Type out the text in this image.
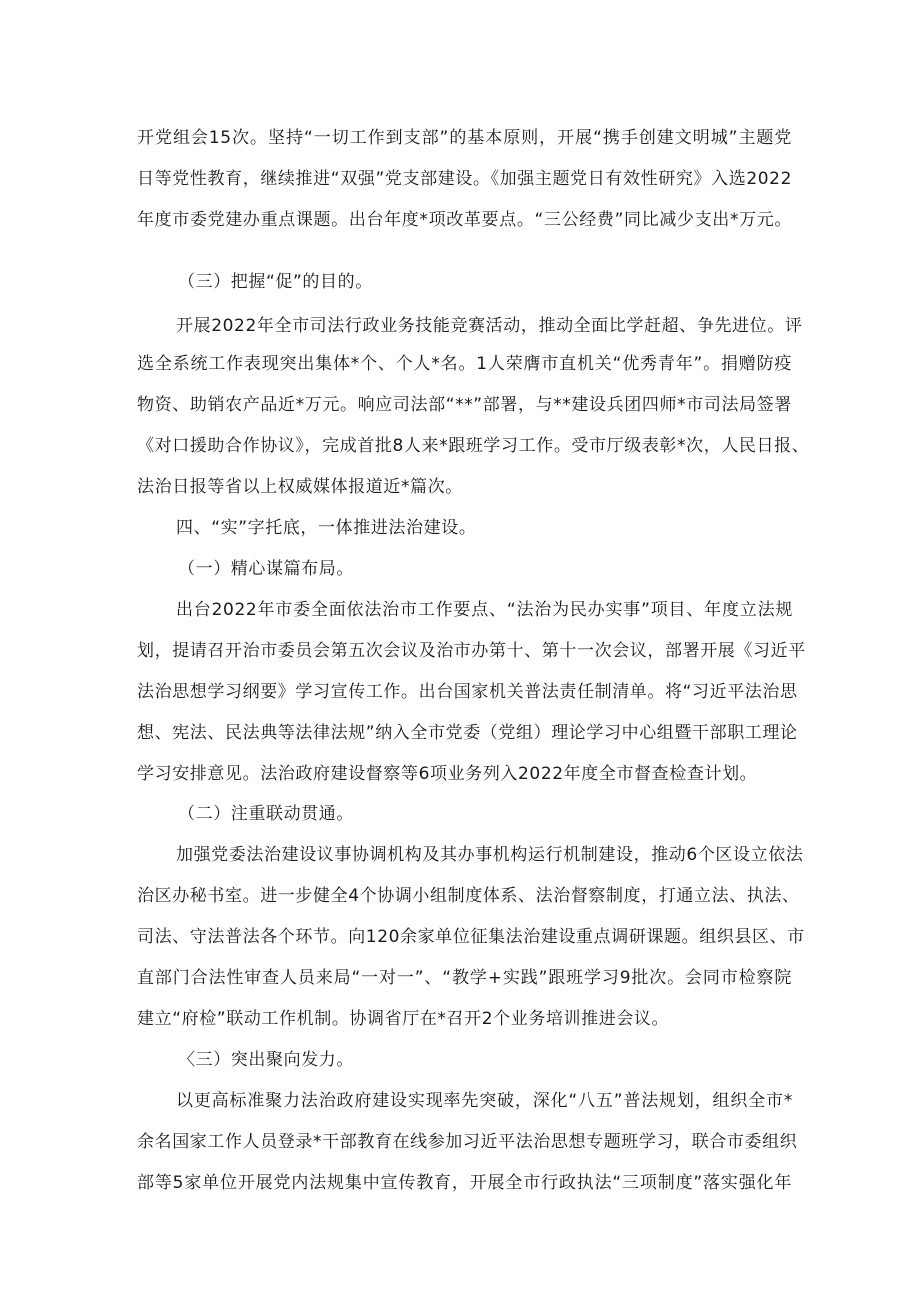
开党组会15次。坚持“一切工作到支部”的基本原则，开展“携手创建文明城”主题党
日等党性教育，继续推进“双强”党支部建设。《加强主题党日有效性研究》入选2022
年度市委党建办重点课题。出台年度*项改革要点。“三公经费”同比减少支出*万元。
（三）把握“促”的目的。
开展2022年全市司法行政业务技能竞赛活动，推动全面比学赶超、争先进位。评
选全系统工作表现突出集体*个、个人*名。1人荣膺市直机关“优秀青年”。捐赠防疫
物资、助销农产品近*万元。响应司法部“**”部署，与**建设兵团四师*市司法局签署
《对口援助合作协议》，完成首批8人来*跟班学习工作。受市厅级表彰*次，人民日报、
法治日报等省以上权威媒体报道近*篇次。
四、“实”字托底，一体推进法治建设。
（一）精心谋篇布局。
出台2022年市委全面依法治市工作要点、“法治为民办实事”项目、年度立法规
划，提请召开治市委员会第五次会议及治市办第十、第十一次会议，部署开展《习近平
法治思想学习纲要》学习宣传工作。出台国家机关普法责任制清单。将“习近平法治思
想、宪法、民法典等法律法规”纳入全市党委（党组）理论学习中心组暨干部职工理论
学习安排意见。法治政府建设督察等6项业务列入2022年度全市督查检查计划。
（二）注重联动贯通。
加强党委法治建设议事协调机构及其办事机构运行机制建设，推动6个区设立依法
治区办秘书室。进一步健全4个协调小组制度体系、法治督察制度，打通立法、执法、
司法、守法普法各个环节。向120余家单位征集法治建设重点调研课题。组织县区、市
直部门合法性审查人员来局“一对一”、“教学+实践”跟班学习9批次。会同市检察院
建立“府检”联动工作机制。协调省厅在*召开2个业务培训推进会议。
〈三）突出聚向发力。
以更高标准聚力法治政府建设实现率先突破，深化“八五”普法规划，组织全市*
余名国家工作人员登录*干部教育在线参加习近平法治思想专题班学习，联合市委组织
部等5家单位开展党内法规集中宣传教育，开展全市行政执法“三项制度”落实强化年
